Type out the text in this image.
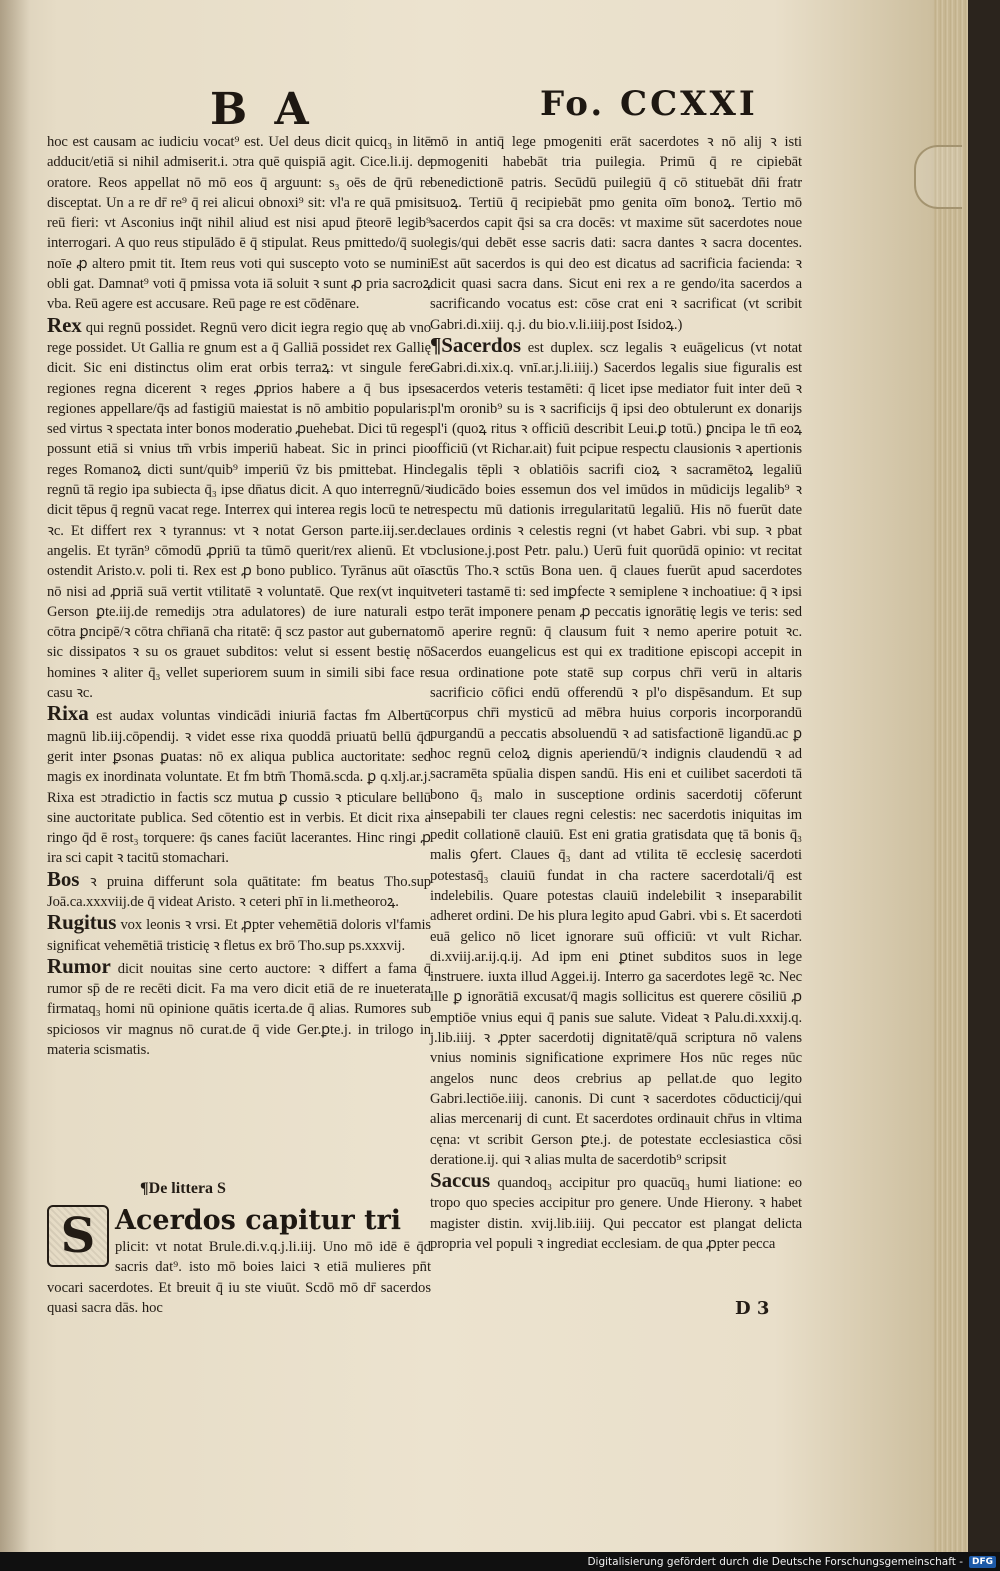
B A	Fo. CCXXI

hoc est causam ac iudiciu vocat⁹ est. Uel deus dicit quicq₃ in litē adducit/etiā si nihil admiserit.i. ɔtra quē quispiā agit. Cice.li.ij. de oratore. Reos appellat nō mō eos q̄ arguunt: s₃ oēs de q̄rū re disceptat. Un a re dr̄ re⁹ q̄ rei alicui obnoxi⁹ sit: vl'a re quā pmisit reū fieri: vt Asconius inq̄t nihil aliud est nisi apud p̄teorē legib⁹ interrogari. A quo reus stipulādo ē q̄ stipulat. Reus pmittedo/q̄ suo noīe ꝓ altero pmit tit. Item reus voti qui suscepto voto se numini obli gat. Damnat⁹ voti q̄ pmissa vota iā soluit ꝛ sunt ꝓ pria sacroꝝ vba. Reū agere est accusare. Reū page re est cōdēnare.

Rex qui regnū possidet. Regnū vero dicit iegra regio quę ab vno rege possidet. Ut Gallia re gnum est a q̄ Galliā possidet rex Gallię dicit. Sic eni distinctus olim erat orbis terraꝝ: vt singule fere regiones regna dicerent ꝛ reges ꝓprios habere a q̄ bus ipse regiones appellare/q̄s ad fastigiū maiestat is nō ambitio popularis: sed virtus ꝛ spectata inter bonos moderatio ꝓuehebat. Dici tū reges possunt etiā si vnius tm̄ vrbis imperiū habeat. Sic in princi pio reges Romanoꝝ dicti sunt/quib⁹ imperiū v̄z bis pmittebat. Hinc regnū tā regio ipa subiecta q̄₃ ipse dn̄atus dicit. A quo interregnū/ꝛ dicit tēpus q̄ regnū vacat rege. Interrex qui interea regis locū te net ꝛc. Et differt rex ꝛ tyrannus: vt ꝛ notat Gerson parte.iij.ser.de angelis. Et tyrān⁹ cōmodū ꝓpriū ta tūmō querit/rex alienū. Et vt ostendit Aristo.v. poli ti. Rex est ꝓ bono publico. Tyrānus aūt oīa nō nisi ad ꝓpriā suā vertit vtilitatē ꝛ voluntatē. Que rex(vt inquit Gerson ꝑte.iij.de remedijs ɔtra adulatores) de iure naturali est cōtra ꝑncipē/ꝛ cōtra chr̄ianā cha ritatē: q̄ scz pastor aut gubernator sic dissipatos ꝛ su os grauet subditos: velut si essent bestię nō homines ꝛ aliter q̄₃ vellet superiorem suum in simili sibi face re casu ꝛc.

Rixa est audax voluntas vindicādi iniuriā factas fm Albertū magnū lib.iij.cōpendij. ꝛ videt esse rixa quoddā priuatū bellū q̄d gerit inter ꝑsonas ꝑuatas: nō ex aliqua publica auctoritate: sed magis ex inordinata voluntate. Et fm btm̄ Thomā.scda. ꝑ q.xlj.ar.j. Rixa est ɔtradictio in factis scz mutua ꝑ cussio ꝛ pticulare bellū sine auctoritate publica. Sed cōtentio est in verbis. Et dicit rixa a ringo q̄d ē rost₃ torquere: q̄s canes faciūt lacerantes. Hinc ringi ꝓ ira sci capit ꝛ tacitū stomachari.

Bos ꝛ pruina differunt sola quātitate: fm beatus Tho.sup Joā.ca.xxxviij.de q̄ videat Aristo. ꝛ ceteri phī in li.metheoroꝝ.

Rugitus vox leonis ꝛ vrsi. Et ꝓpter vehemētiā doloris vl'famis significat vehemētiā tristicię ꝛ fletus ex brō Tho.sup ps.xxxvij.

Rumor dicit nouitas sine certo auctore: ꝛ differt a fama q̄ rumor sp̄ de re recēti dicit. Fa ma vero dicit etiā de re inueterata firmataq₃ homi nū opinione quātis icerta.de q̄ alias. Rumores sub spiciosos vir magnus nō curat.de q̄ vide Ger.ꝑte.j. in trilogo in materia scismatis.

¶De littera S
S Acerdos capitur tri
plicit: vt notat Brule.di.v.q.j.li.iij. Uno mō idē ē q̄d sacris dat⁹. isto mō boies laici ꝛ etiā mulieres pn̄t vocari sacerdotes. Et breuit q̄ iu ste viuūt. Scdō mō dr̄ sacerdos quasi sacra dās. hoc

mō in antiq̄ lege pmogeniti erāt sacerdotes ꝛ nō alij ꝛ isti pmogeniti habebāt tria puilegia. Primū q̄ re cipiebāt benedictionē patris. Secūdū puilegiū q̄ cō stituebāt dn̄i fratr suoꝝ. Tertiū q̄ recipiebāt pmo genita oīm bonoꝝ. Tertio mō sacerdos capit q̄si sa cra docēs: vt maxime sūt sacerdotes noue legis/qui debēt esse sacris dati: sacra dantes ꝛ sacra docentes. Est aūt sacerdos is qui deo est dicatus ad sacrificia facienda: ꝛ dicit quasi sacra dans. Sicut eni rex a re gendo/ita sacerdos a sacrificando vocatus est: cōse crat eni ꝛ sacrificat (vt scribit Gabri.di.xiij. q.j. du bio.v.li.iiij.post Isidoꝝ.)

¶Sacerdos est duplex. scz legalis ꝛ euāgelicus (vt notat Gabri.di.xix.q. vnī.ar.j.li.iiij.) Sacerdos legalis siue figuralis est sacerdos veteris testamēti: q̄ licet ipse mediator fuit inter deū ꝛ pl'm oronib⁹ su is ꝛ sacrificijs q̄ ipsi deo obtulerunt ex donarijs pl'i (quoꝝ ritus ꝛ officiū describit Leui.ꝑ totū.) ꝑncipa le tn̄ eoꝝ officiū (vt Richar.ait) fuit pcipue respectu clausionis ꝛ apertionis legalis tēpli ꝛ oblatiōis sacrifi cioꝝ ꝛ sacramētoꝝ legaliū iudicādo boies essemun dos vel imūdos in mūdicijs legalib⁹ ꝛ respectu mū dationis irregularitatū legaliū. His nō fuerūt date claues ordinis ꝛ celestis regni (vt habet Gabri. vbi sup. ꝛ pbat ɔclusione.j.post Petr. palu.) Uerū fuit quorūdā opinio: vt recitat sctūs Tho.ꝛ sctūs Bona uen. q̄ claues fuerūt apud sacerdotes veteri tastamē ti: sed imꝑfecte ꝛ semiplene ꝛ inchoatiue: q̄ ꝛ ipsi po terāt imponere penam ꝓ peccatis ignorātię legis ve teris: sed nō aperire regnū: q̄ clausum fuit ꝛ nemo aperire potuit ꝛc. Sacerdos euangelicus est qui ex traditione episcopi accepit in sua ordinatione pote statē sup corpus chr̄i verū in altaris sacrificio cōfici endū offerendū ꝛ pl'o dispēsandum. Et sup corpus chr̄i mysticū ad mēbra huius corporis incorporandū purgandū a peccatis absoluendū ꝛ ad satisfactionē ligandū.ac ꝑ hoc regnū celoꝝ dignis aperiendū/ꝛ indignis claudendū ꝛ ad sacramēta spūalia dispen sandū. His eni et cuilibet sacerdoti tā bono q̄₃ malo in susceptione ordinis sacerdotij cōferunt insepabili ter claues regni celestis: nec sacerdotis iniquitas im pedit collationē clauiū. Est eni gratia gratisdata quę tā bonis q̄₃ malis ꝯfert. Claues q̄₃ dant ad vtilita tē ecclesię sacerdoti potestasq̄₃ clauiū fundat in cha ractere sacerdotali/q̄ est indelebilis. Quare potestas clauiū indelebilit ꝛ inseparabilit adheret ordini. De his plura legito apud Gabri. vbi s. Et sacerdoti euā gelico nō licet ignorare suū officiū: vt vult Richar. di.xviij.ar.ij.q.ij. Ad ipm eni ꝑtinet subditos suos in lege instruere. iuxta illud Aggei.ij. Interro ga sacerdotes legē ꝛc. Nec ille ꝑ ignorātiā excusat/q̄ magis sollicitus est querere cōsiliū ꝓ emptiōe vnius equi q̄ panis sue salute. Videat ꝛ Palu.di.xxxij.q. j.lib.iiij. ꝛ ꝓpter sacerdotij dignitatē/quā scriptura nō valens vnius nominis significatione exprimere Hos nūc reges nūc angelos nunc deos crebrius ap pellat.de quo legito Gabri.lectiōe.iiij. canonis. Di cunt ꝛ sacerdotes cōducticij/qui alias mercenarij di cunt. Et sacerdotes ordinauit chr̄us in vltima cęna: vt scribit Gerson ꝑte.j. de potestate ecclesiastica cōsi deratione.ij. qui ꝛ alias multa de sacerdotib⁹ scripsit

Saccus quandoq₃ accipitur pro quacūq₃ humi liatione: eo tropo quo species accipitur pro genere. Unde Hierony. ꝛ habet magister distin. xvij.lib.iiij. Qui peccator est plangat delicta propria vel populi ꝛ ingrediat ecclesiam. de qua ꝓpter pecca

D 3
Digitalisierung gefördert durch die Deutsche Forschungsgemeinschaft -	DFG
